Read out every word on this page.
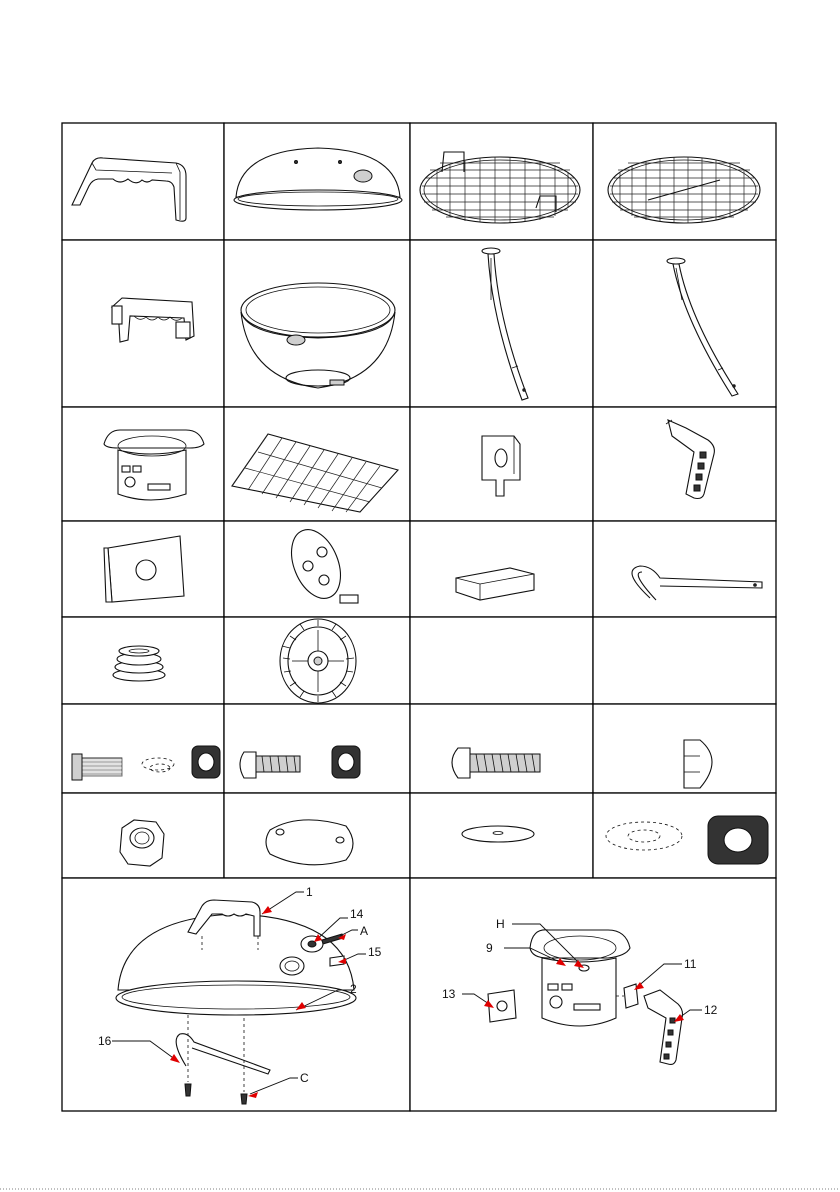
1
14
A
15
2
16
C
H
9
13
11
12
